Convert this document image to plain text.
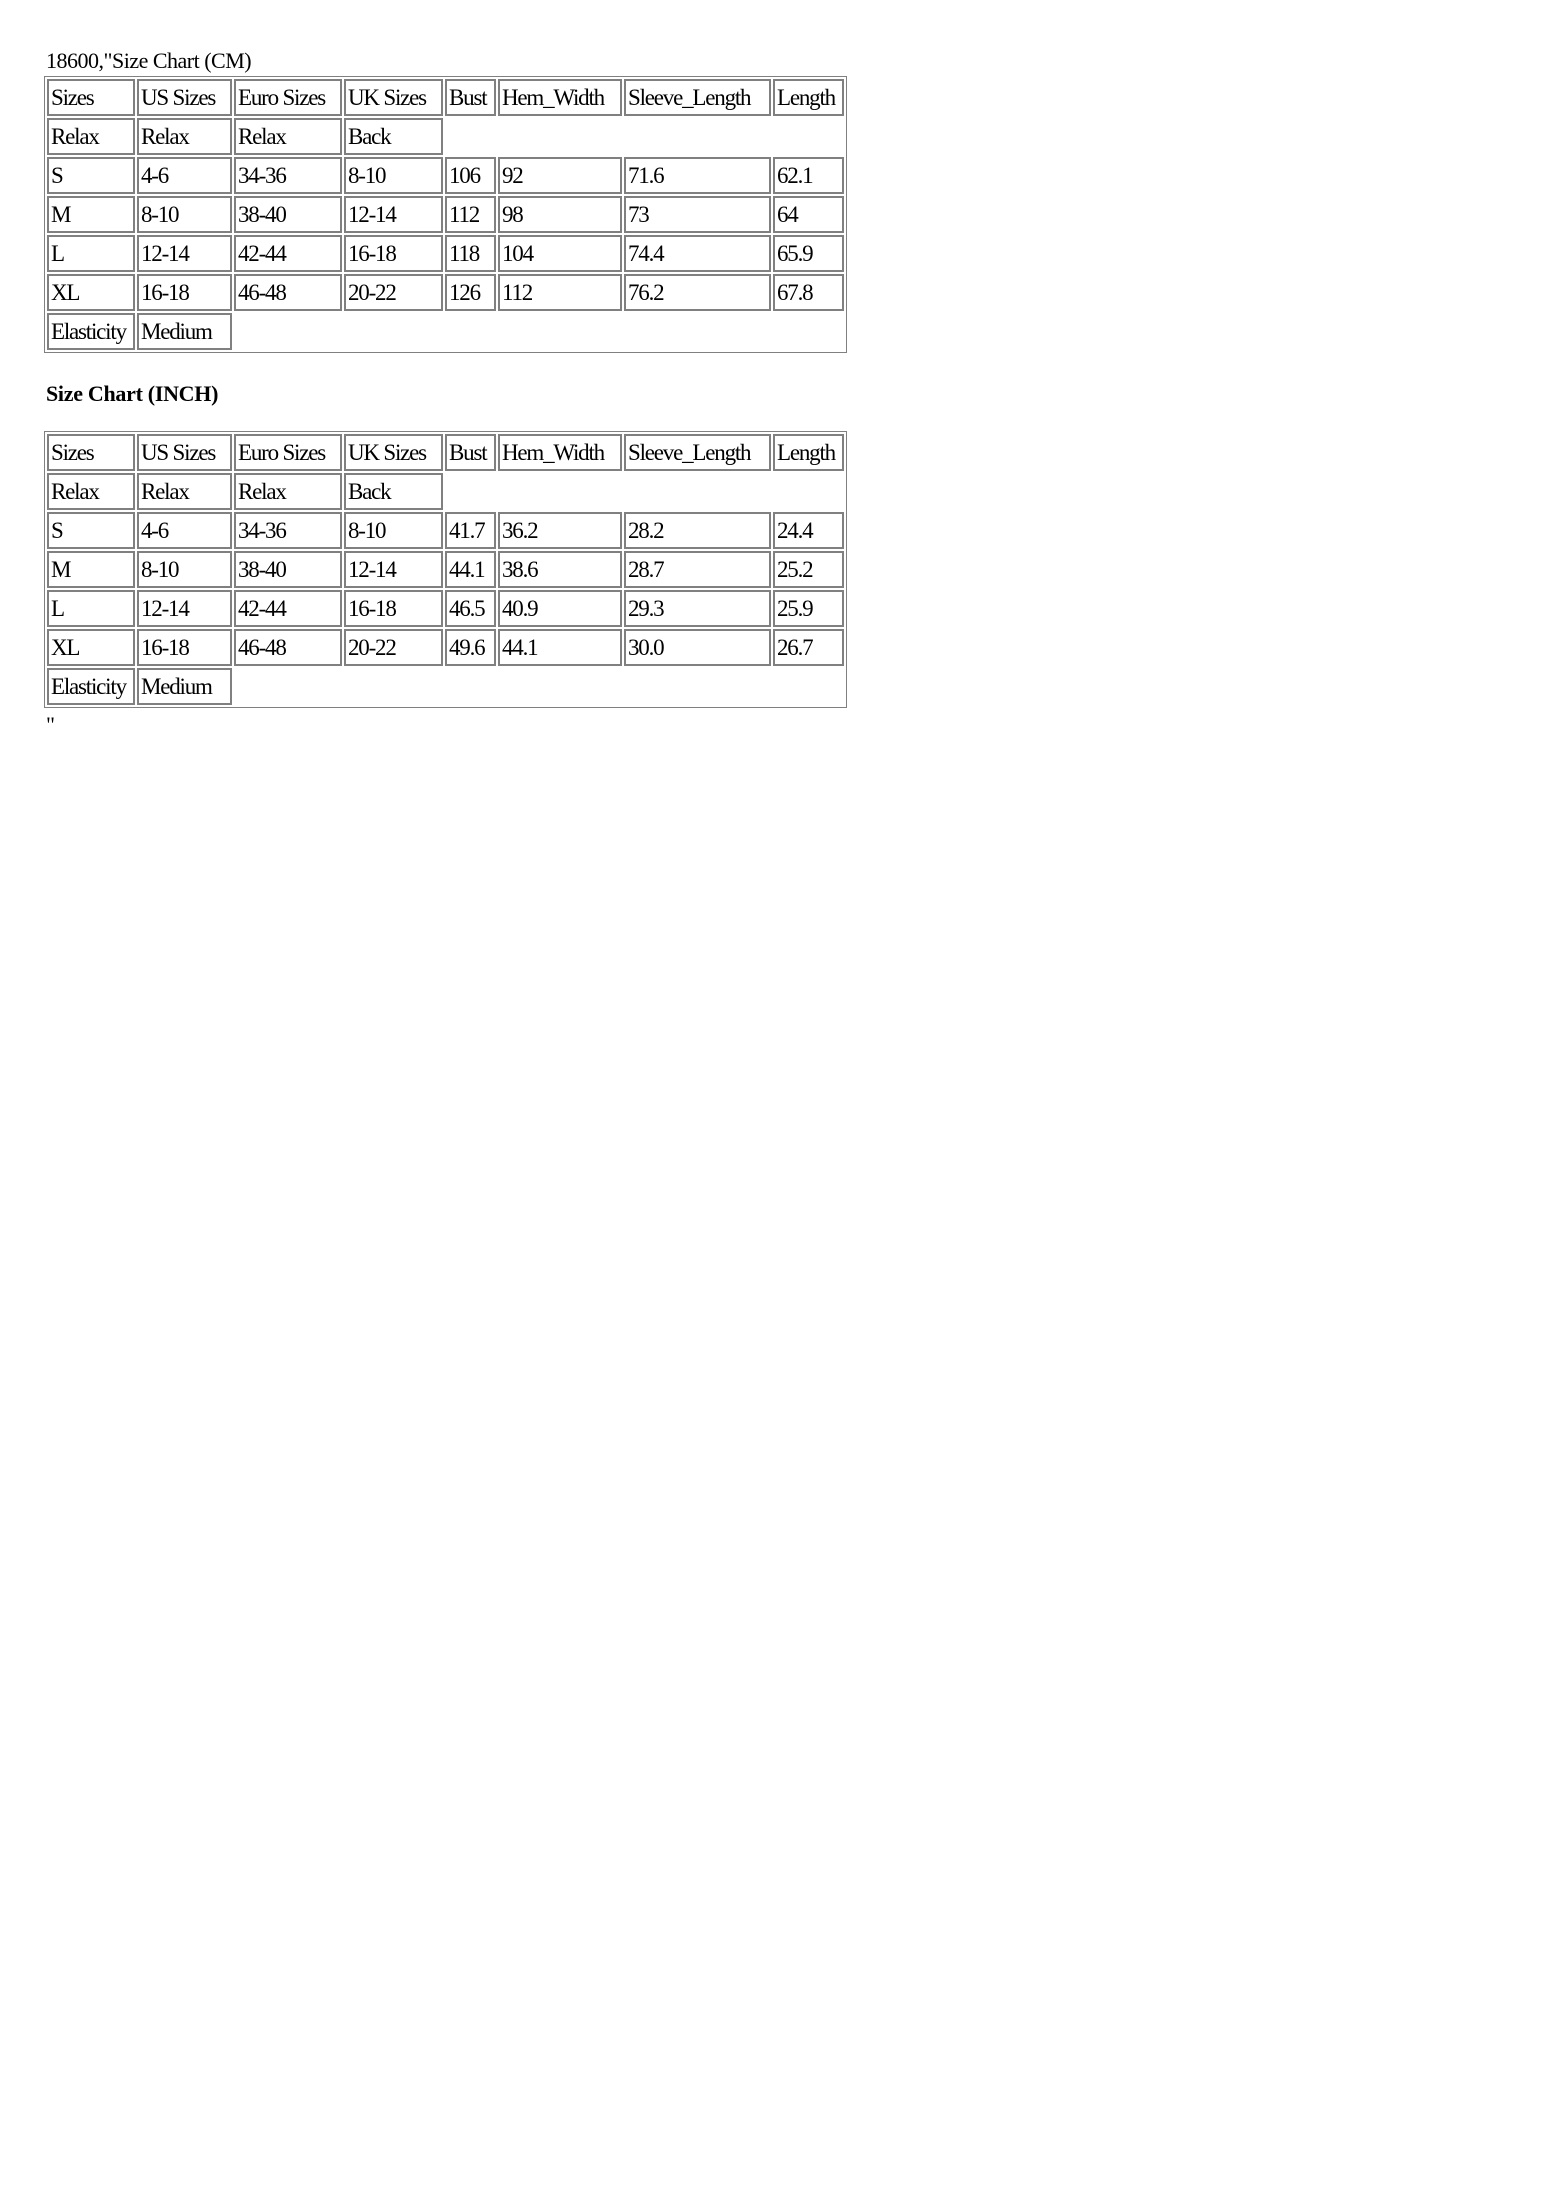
18600,"Size Chart (CM)
Sizes	US Sizes	Euro Sizes	UK Sizes	Bust	Hem_Width	Sleeve_Length	Length
Relax	Relax	Relax	Back				
S	4-6	34-36	8-10	106	92	71.6	62.1
M	8-10	38-40	12-14	112	98	73	64
L	12-14	42-44	16-18	118	104	74.4	65.9
XL	16-18	46-48	20-22	126	112	76.2	67.8
Elasticity	Medium						
Size Chart (INCH)
Sizes	US Sizes	Euro Sizes	UK Sizes	Bust	Hem_Width	Sleeve_Length	Length
Relax	Relax	Relax	Back				
S	4-6	34-36	8-10	41.7	36.2	28.2	24.4
M	8-10	38-40	12-14	44.1	38.6	28.7	25.2
L	12-14	42-44	16-18	46.5	40.9	29.3	25.9
XL	16-18	46-48	20-22	49.6	44.1	30.0	26.7
Elasticity	Medium						
"
